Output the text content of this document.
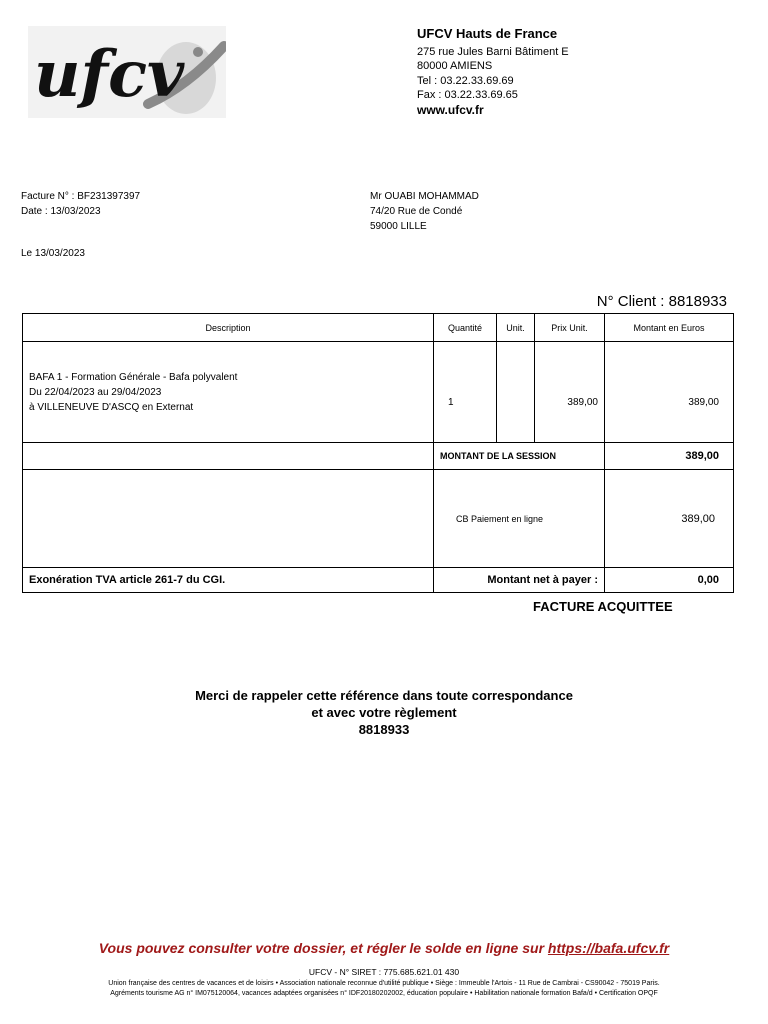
ufcv
UFCV Hauts de France
275 rue Jules Barni Bâtiment E
80000 AMIENS
Tel : 03.22.33.69.69
Fax : 03.22.33.69.65
www.ufcv.fr
Facture N° : BF231397397
Date : 13/03/2023
Mr OUABI MOHAMMAD
74/20 Rue de Condé
59000 LILLE
Le 13/03/2023
N° Client : 8818933
Description	Quantité	Unit.	Prix Unit.	Montant en Euros

BAFA 1 - Formation Générale - Bafa polyvalent
Du 22/04/2023 au 29/04/2023
à VILLENEUVE D'ASCQ en Externat	1		389,00	389,00
	MONTANT DE LA SESSION			389,00
	CB Paiement en ligne			389,00
Exonération TVA article 261-7 du CGI.	Montant net à payer :			0,00
FACTURE ACQUITTEE
Merci de rappeler cette référence dans toute correspondance
et avec votre règlement
8818933
Vous pouvez consulter votre dossier, et régler le solde en ligne sur https://bafa.ufcv.fr
UFCV - N° SIRET : 775.685.621.01 430
Union française des centres de vacances et de loisirs • Association nationale reconnue d'utilité publique • Siège : Immeuble l'Artois - 11 Rue de Cambrai - CS90042 - 75019 Paris.
Agréments tourisme AG n° IM075120064, vacances adaptées organisées n° IDF20180202002, éducation populaire • Habilitation nationale formation Bafa/d • Certification OPQF
